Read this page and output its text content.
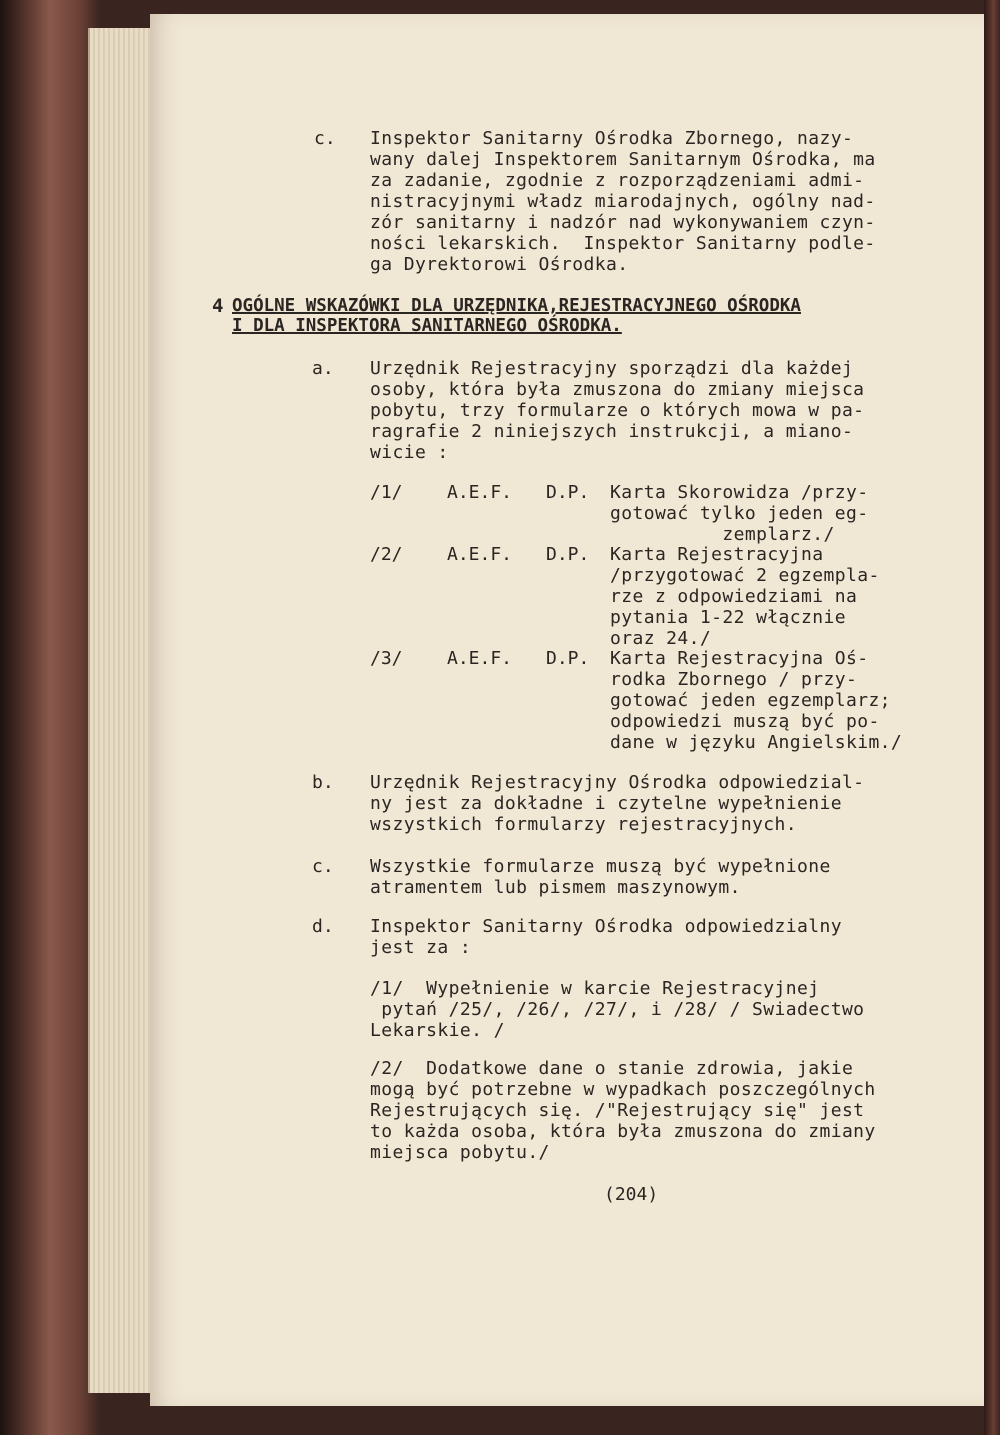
c. Inspektor Sanitarny Ośrodka Zbornego, nazy-
wany dalej Inspektorem Sanitarnym Ośrodka, ma
za zadanie, zgodnie z rozporządzeniami admi-
nistracyjnymi władz miarodajnych, ogólny nad-
zór sanitarny i nadzór nad wykonywaniem czyn-
ności lekarskich.  Inspektor Sanitarny podle-
ga Dyrektorowi Ośrodka.
4 OGÓLNE WSKAZÓWKI DLA URZĘDNIKA,REJESTRACYJNEGO OŚRODKA
I DLA INSPEKTORA SANITARNEGO OŚRODKA.
a. Urzędnik Rejestracyjny sporządzi dla każdej
osoby, która była zmuszona do zmiany miejsca
pobytu, trzy formularze o których mowa w pa-
ragrafie 2 niniejszych instrukcji, a miano-
wicie :
/1/ A.E.F. D.P. Karta Skorowidza /przy-
gotować tylko jeden eg-
zemplarz./
/2/ A.E.F. D.P. Karta Rejestracyjna
/przygotować 2 egzempla-
rze z odpowiedziami na
pytania 1-22 włącznie
oraz 24./
/3/ A.E.F. D.P. Karta Rejestracyjna Oś-
rodka Zbornego / przy-
gotować jeden egzemplarz;
odpowiedzi muszą być po-
dane w języku Angielskim./
b. Urzędnik Rejestracyjny Ośrodka odpowiedzial-
ny jest za dokładne i czytelne wypełnienie
wszystkich formularzy rejestracyjnych.
c. Wszystkie formularze muszą być wypełnione
atramentem lub pismem maszynowym.
d. Inspektor Sanitarny Ośrodka odpowiedzialny
jest za :
/1/  Wypełnienie w karcie Rejestracyjnej
pytań /25/, /26/, /27/, i /28/ / Swiadectwo
Lekarskie. /
/2/  Dodatkowe dane o stanie zdrowia, jakie
mogą być potrzebne w wypadkach poszczególnych
Rejestrujących się. /"Rejestrujący się" jest
to każda osoba, która była zmuszona do zmiany
miejsca pobytu./
(204)
